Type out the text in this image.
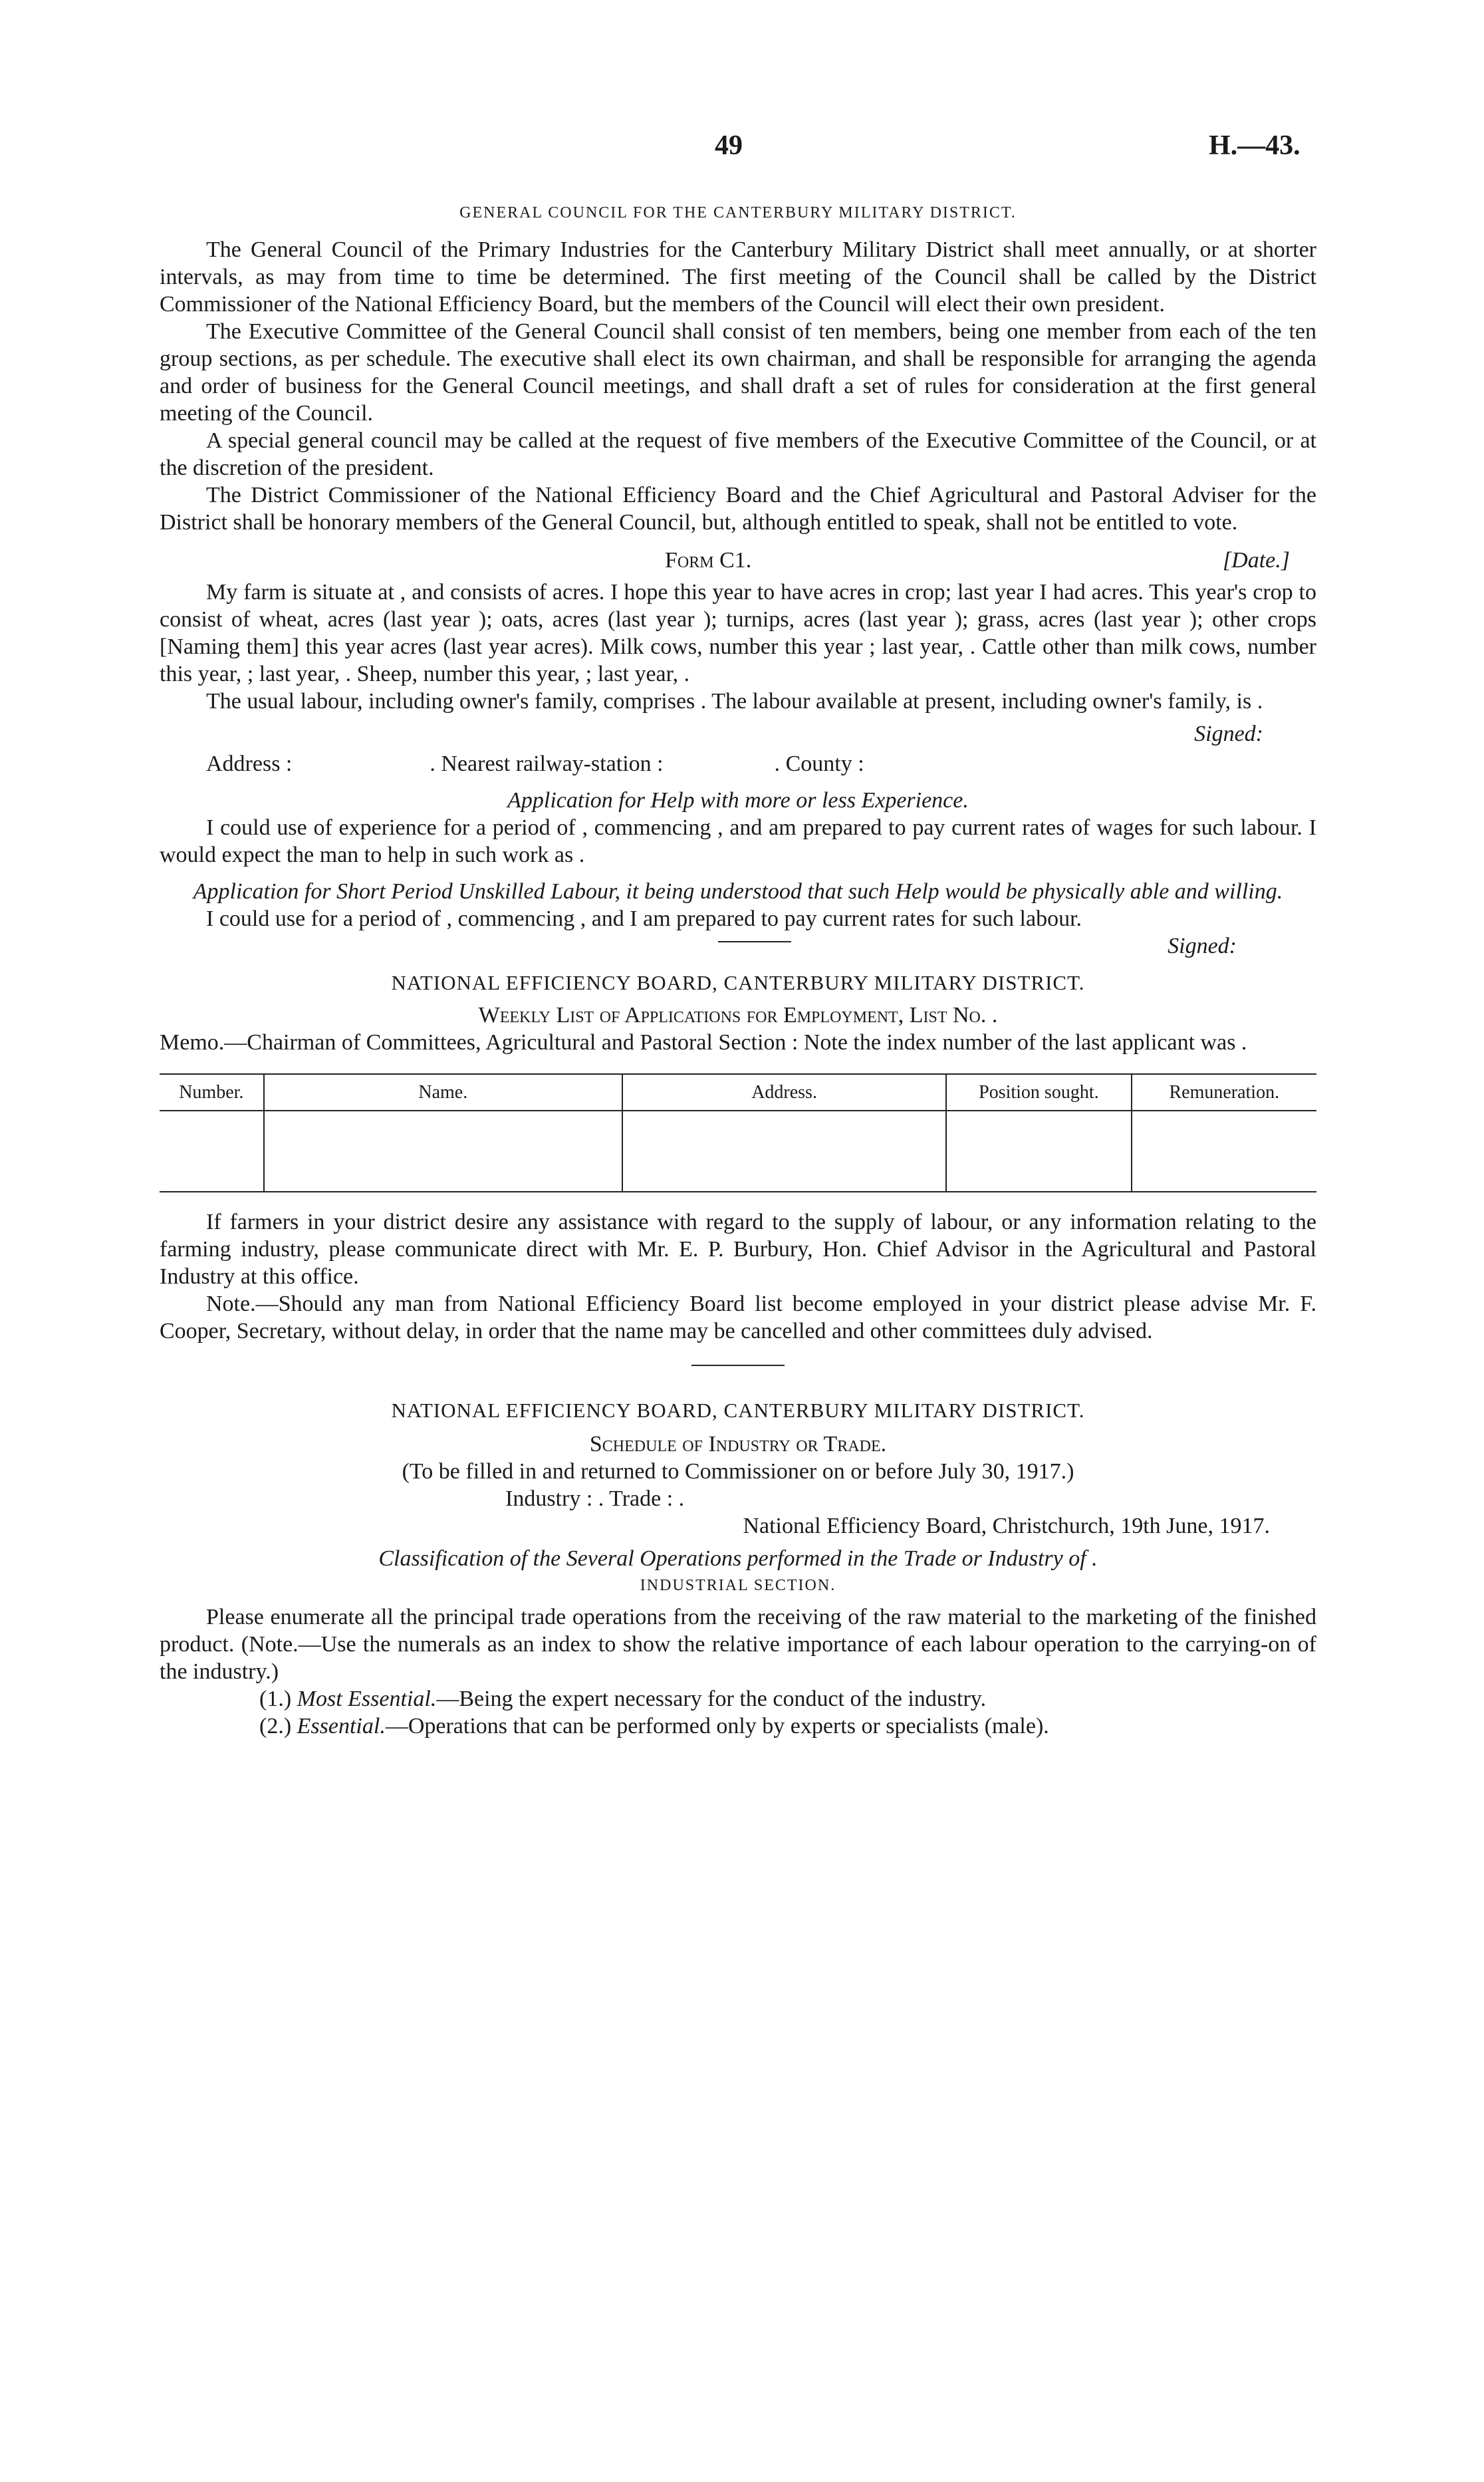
49	H.—43.
GENERAL COUNCIL FOR THE CANTERBURY MILITARY DISTRICT.

The General Council of the Primary Industries for the Canterbury Military District shall meet annually, or at shorter intervals, as may from time to time be determined. The first meeting of the Council shall be called by the District Commissioner of the National Efficiency Board, but the members of the Council will elect their own president.

The Executive Committee of the General Council shall consist of ten members, being one member from each of the ten group sections, as per schedule. The executive shall elect its own chairman, and shall be responsible for arranging the agenda and order of business for the General Council meetings, and shall draft a set of rules for consideration at the first general meeting of the Council.

A special general council may be called at the request of five members of the Executive Committee of the Council, or at the discretion of the president.

The District Commissioner of the National Efficiency Board and the Chief Agricultural and Pastoral Adviser for the District shall be honorary members of the General Council, but, although entitled to speak, shall not be entitled to vote.

Form C1.	[Date.]

My farm is situate at , and consists of acres. I hope this year to have acres in crop; last year I had acres. This year's crop to consist of wheat, acres (last year ); oats, acres (last year ); turnips, acres (last year ); grass, acres (last year ); other crops [Naming them] this year acres (last year acres). Milk cows, number this year ; last year, . Cattle other than milk cows, number this year, ; last year, . Sheep, number this year, ; last year, .

The usual labour, including owner's family, comprises . The labour available at present, including owner's family, is .

Signed:

Address :	. Nearest railway-station :	. County :

Application for Help with more or less Experience.

I could use of experience for a period of , commencing , and am prepared to pay current rates of wages for such labour. I would expect the man to help in such work as .

Application for Short Period Unskilled Labour, it being understood that such Help would be physically able and willing.

I could use for a period of , commencing , and I am prepared to pay current rates for such labour.

Signed:

NATIONAL EFFICIENCY BOARD, CANTERBURY MILITARY DISTRICT.

Weekly List of Applications for Employment, List No. .

Memo.—Chairman of Committees, Agricultural and Pastoral Section : Note the index number of the last applicant was .

Number.	Name.	Address.	Position sought.	Remuneration.

If farmers in your district desire any assistance with regard to the supply of labour, or any information relating to the farming industry, please communicate direct with Mr. E. P. Burbury, Hon. Chief Advisor in the Agricultural and Pastoral Industry at this office.

Note.—Should any man from National Efficiency Board list become employed in your district please advise Mr. F. Cooper, Secretary, without delay, in order that the name may be cancelled and other committees duly advised.

NATIONAL EFFICIENCY BOARD, CANTERBURY MILITARY DISTRICT.

Schedule of Industry or Trade.

(To be filled in and returned to Commissioner on or before July 30, 1917.)

Industry : . Trade : .

National Efficiency Board, Christchurch, 19th June, 1917.

Classification of the Several Operations performed in the Trade or Industry of .

INDUSTRIAL SECTION.

Please enumerate all the principal trade operations from the receiving of the raw material to the marketing of the finished product. (Note.—Use the numerals as an index to show the relative importance of each labour operation to the carrying-on of the industry.)

(1.) Most Essential.—Being the expert necessary for the conduct of the industry.

(2.) Essential.—Operations that can be performed only by experts or specialists (male).
